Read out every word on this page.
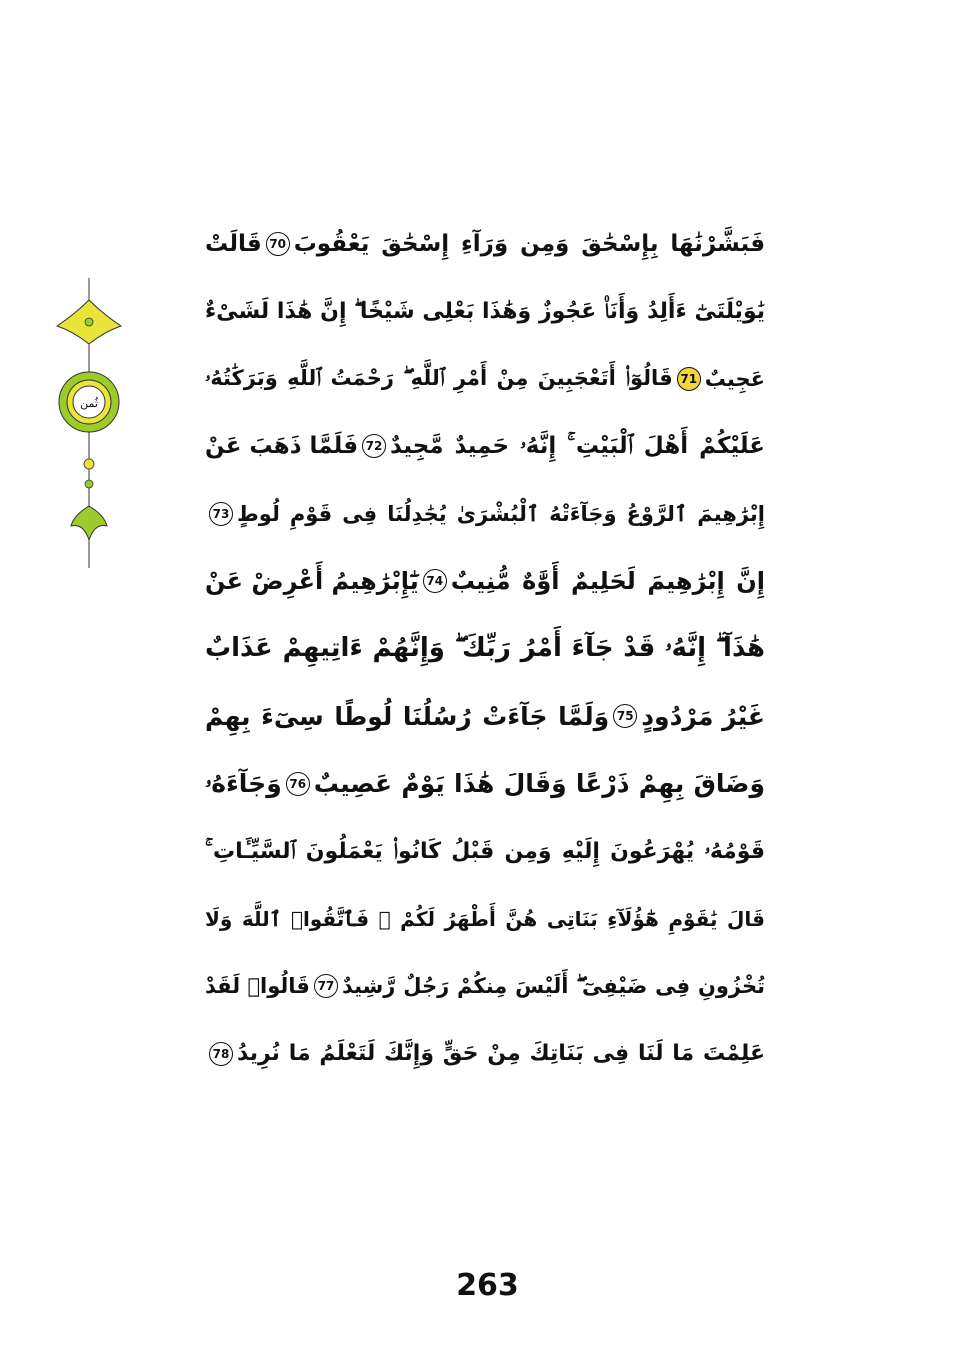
ثُمن
فَبَشَّرْنَٰهَا بِإِسْحَٰقَ وَمِن وَرَآءِ إِسْحَٰقَ يَعْقُوبَ
70
قَالَتْ
يَٰوَيْلَتَىٰٓ ءَأَلِدُ وَأَنَا۠ عَجُوزٌ وَهَٰذَا بَعْلِى شَيْخًا ۖ إِنَّ هَٰذَا لَشَىْءٌ
عَجِيبٌ
71
قَالُوٓا۟ أَتَعْجَبِينَ مِنْ أَمْرِ ٱللَّهِ ۖ رَحْمَتُ ٱللَّهِ وَبَرَكَٰتُهُۥ
عَلَيْكُمْ أَهْلَ ٱلْبَيْتِ ۚ إِنَّهُۥ حَمِيدٌ مَّجِيدٌ
72
فَلَمَّا ذَهَبَ عَنْ
إِبْرَٰهِيمَ ٱلرَّوْعُ وَجَآءَتْهُ ٱلْبُشْرَىٰ يُجَٰدِلُنَا فِى قَوْمِ لُوطٍ
73
إِنَّ إِبْرَٰهِيمَ لَحَلِيمٌ أَوَّٰهٌ مُّنِيبٌ
74
يَٰٓإِبْرَٰهِيمُ أَعْرِضْ عَنْ
هَٰذَآ ۖ إِنَّهُۥ قَدْ جَآءَ أَمْرُ رَبِّكَ ۖ وَإِنَّهُمْ ءَاتِيهِمْ عَذَابٌ
غَيْرُ مَرْدُودٍ
75
وَلَمَّا جَآءَتْ رُسُلُنَا لُوطًا سِىٓءَ بِهِمْ
وَضَاقَ بِهِمْ ذَرْعًا وَقَالَ هَٰذَا يَوْمٌ عَصِيبٌ
76
وَجَآءَهُۥ
قَوْمُهُۥ يُهْرَعُونَ إِلَيْهِ وَمِن قَبْلُ كَانُوا۟ يَعْمَلُونَ ٱلسَّيِّـَٔاتِ ۚ
قَالَ يَٰقَوْمِ هَٰٓؤُلَآءِ بَنَاتِى هُنَّ أَطْهَرُ لَكُمْ ۖ فَٱتَّقُوا۟ ٱللَّهَ وَلَا
تُخْزُونِ فِى ضَيْفِىٓ ۖ أَلَيْسَ مِنكُمْ رَجُلٌ رَّشِيدٌ
77
قَالُوا۟ لَقَدْ
عَلِمْتَ مَا لَنَا فِى بَنَاتِكَ مِنْ حَقٍّ وَإِنَّكَ لَتَعْلَمُ مَا نُرِيدُ
78
263
